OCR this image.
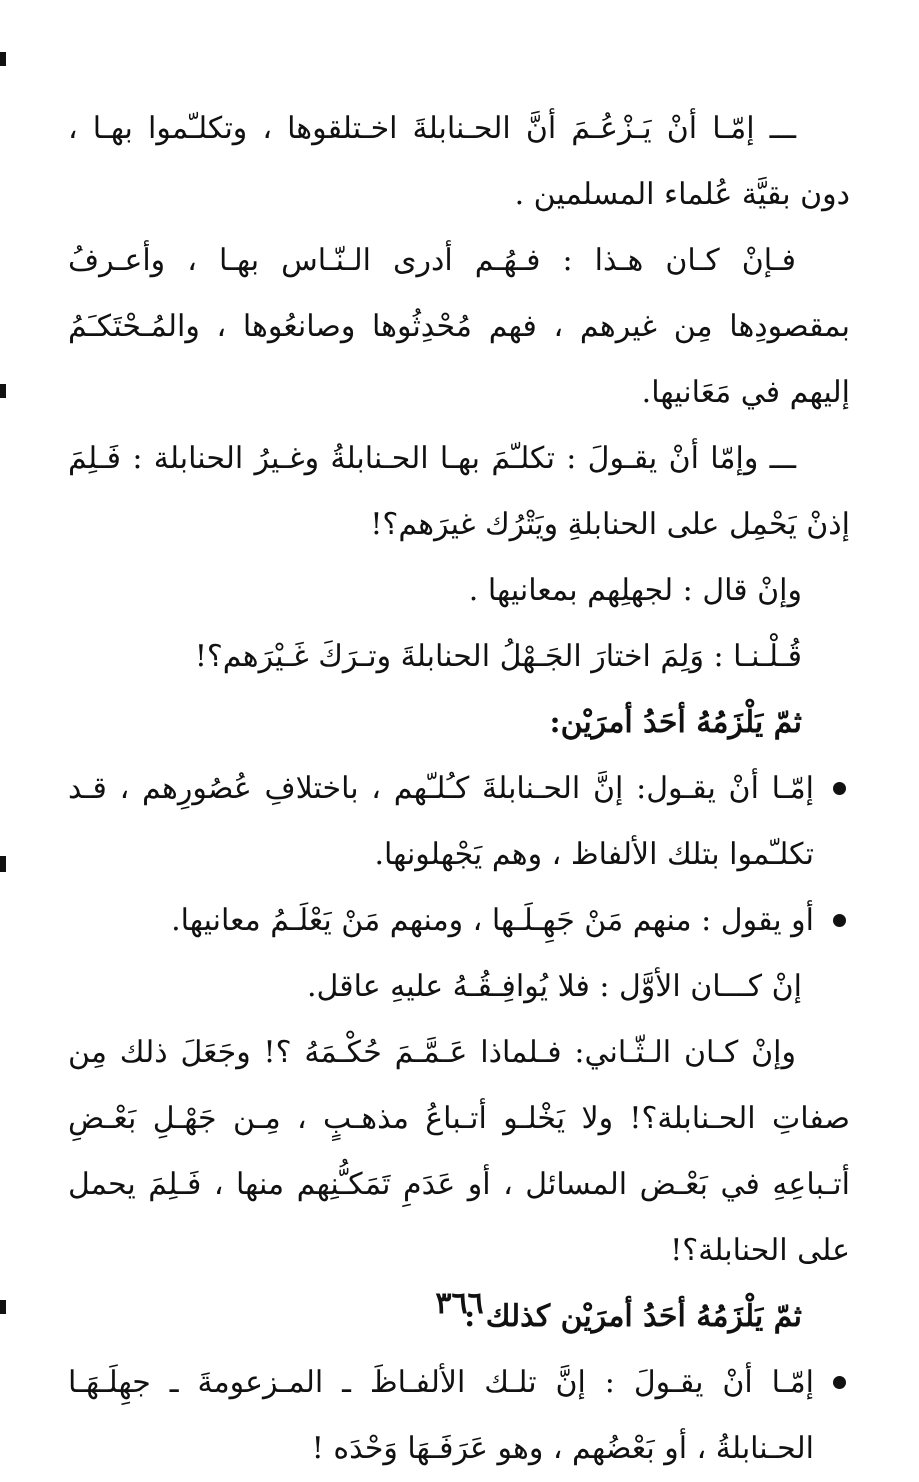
ـــ إمّـا أنْ يَـزْعُـمَ أنَّ الحـنابلةَ اخـتلقوها ، وتكلـّموا بهـا ، دون بقيَّة عُلماء المسلمين .

فـإنْ كـان هـذا : فـهُـم أدرى الـنّـاس بهـا ، وأعـرفُ بمقصودِها مِن غيرهم ، فهم مُحْدِثُوها وصانعُوها ، والمُـحْتَكـَمُ إليهم في مَعَانيها.

ـــ وإمّا أنْ يقـولَ : تكلـّمَ بهـا الحـنابلةُ وغـيرُ الحنابلة : فَـلِمَ إذنْ يَحْمِل على الحنابلةِ ويَتْرُك غيرَهم؟!

وإنْ قال : لجهلِهم بمعانيها .

قُـلْـنـا : وَلِمَ اختارَ الجَـهْلُ الحنابلةَ وتـرَكَ غَـيْرَهم؟!

ثمّ يَلْزَمُهُ أحَدُ أمرَيْن:

إمّـا أنْ يقـول: إنَّ الحـنابلةَ كـُلـّهم ، باختلافِ عُصُورِهم ، قـد تكلـّموا بتلك الألفاظ ، وهم يَجْهلونها.

أو يقول : منهم مَنْ جَهِـلَـها ، ومنهم مَنْ يَعْلَـمُ معانيها.

إنْ كـــان الأوَّل : فلا يُوافِـقُـهُ عليهِ عاقل.

وإنْ كـان الـثّـاني: فـلماذا عَـمَّـمَ حُكْـمَهُ ؟! وجَعَلَ ذلك مِن صفاتِ الحـنابلة؟! ولا يَخْلـو أتـباعُ مذهـبٍ ، مِـن جَهْـلِ بَعْـضِ أتـباعِهِ في بَعْـض المسائل ، أو عَدَمِ تَمَكـُّنِهم منها ، فَـلِمَ يحمل على الحنابلة؟!

ثمّ يَلْزَمُهُ أحَدُ أمرَيْن كذلك :

إمّـا أنْ يقـولَ : إنَّ تلـك الألفـاظَ ـ المـزعومةَ ـ جهِلَـهَـا الحـنابلةُ ، أو بَعْضُهم ، وهو عَرَفَـهَا وَحْدَه !

٣٦٦
